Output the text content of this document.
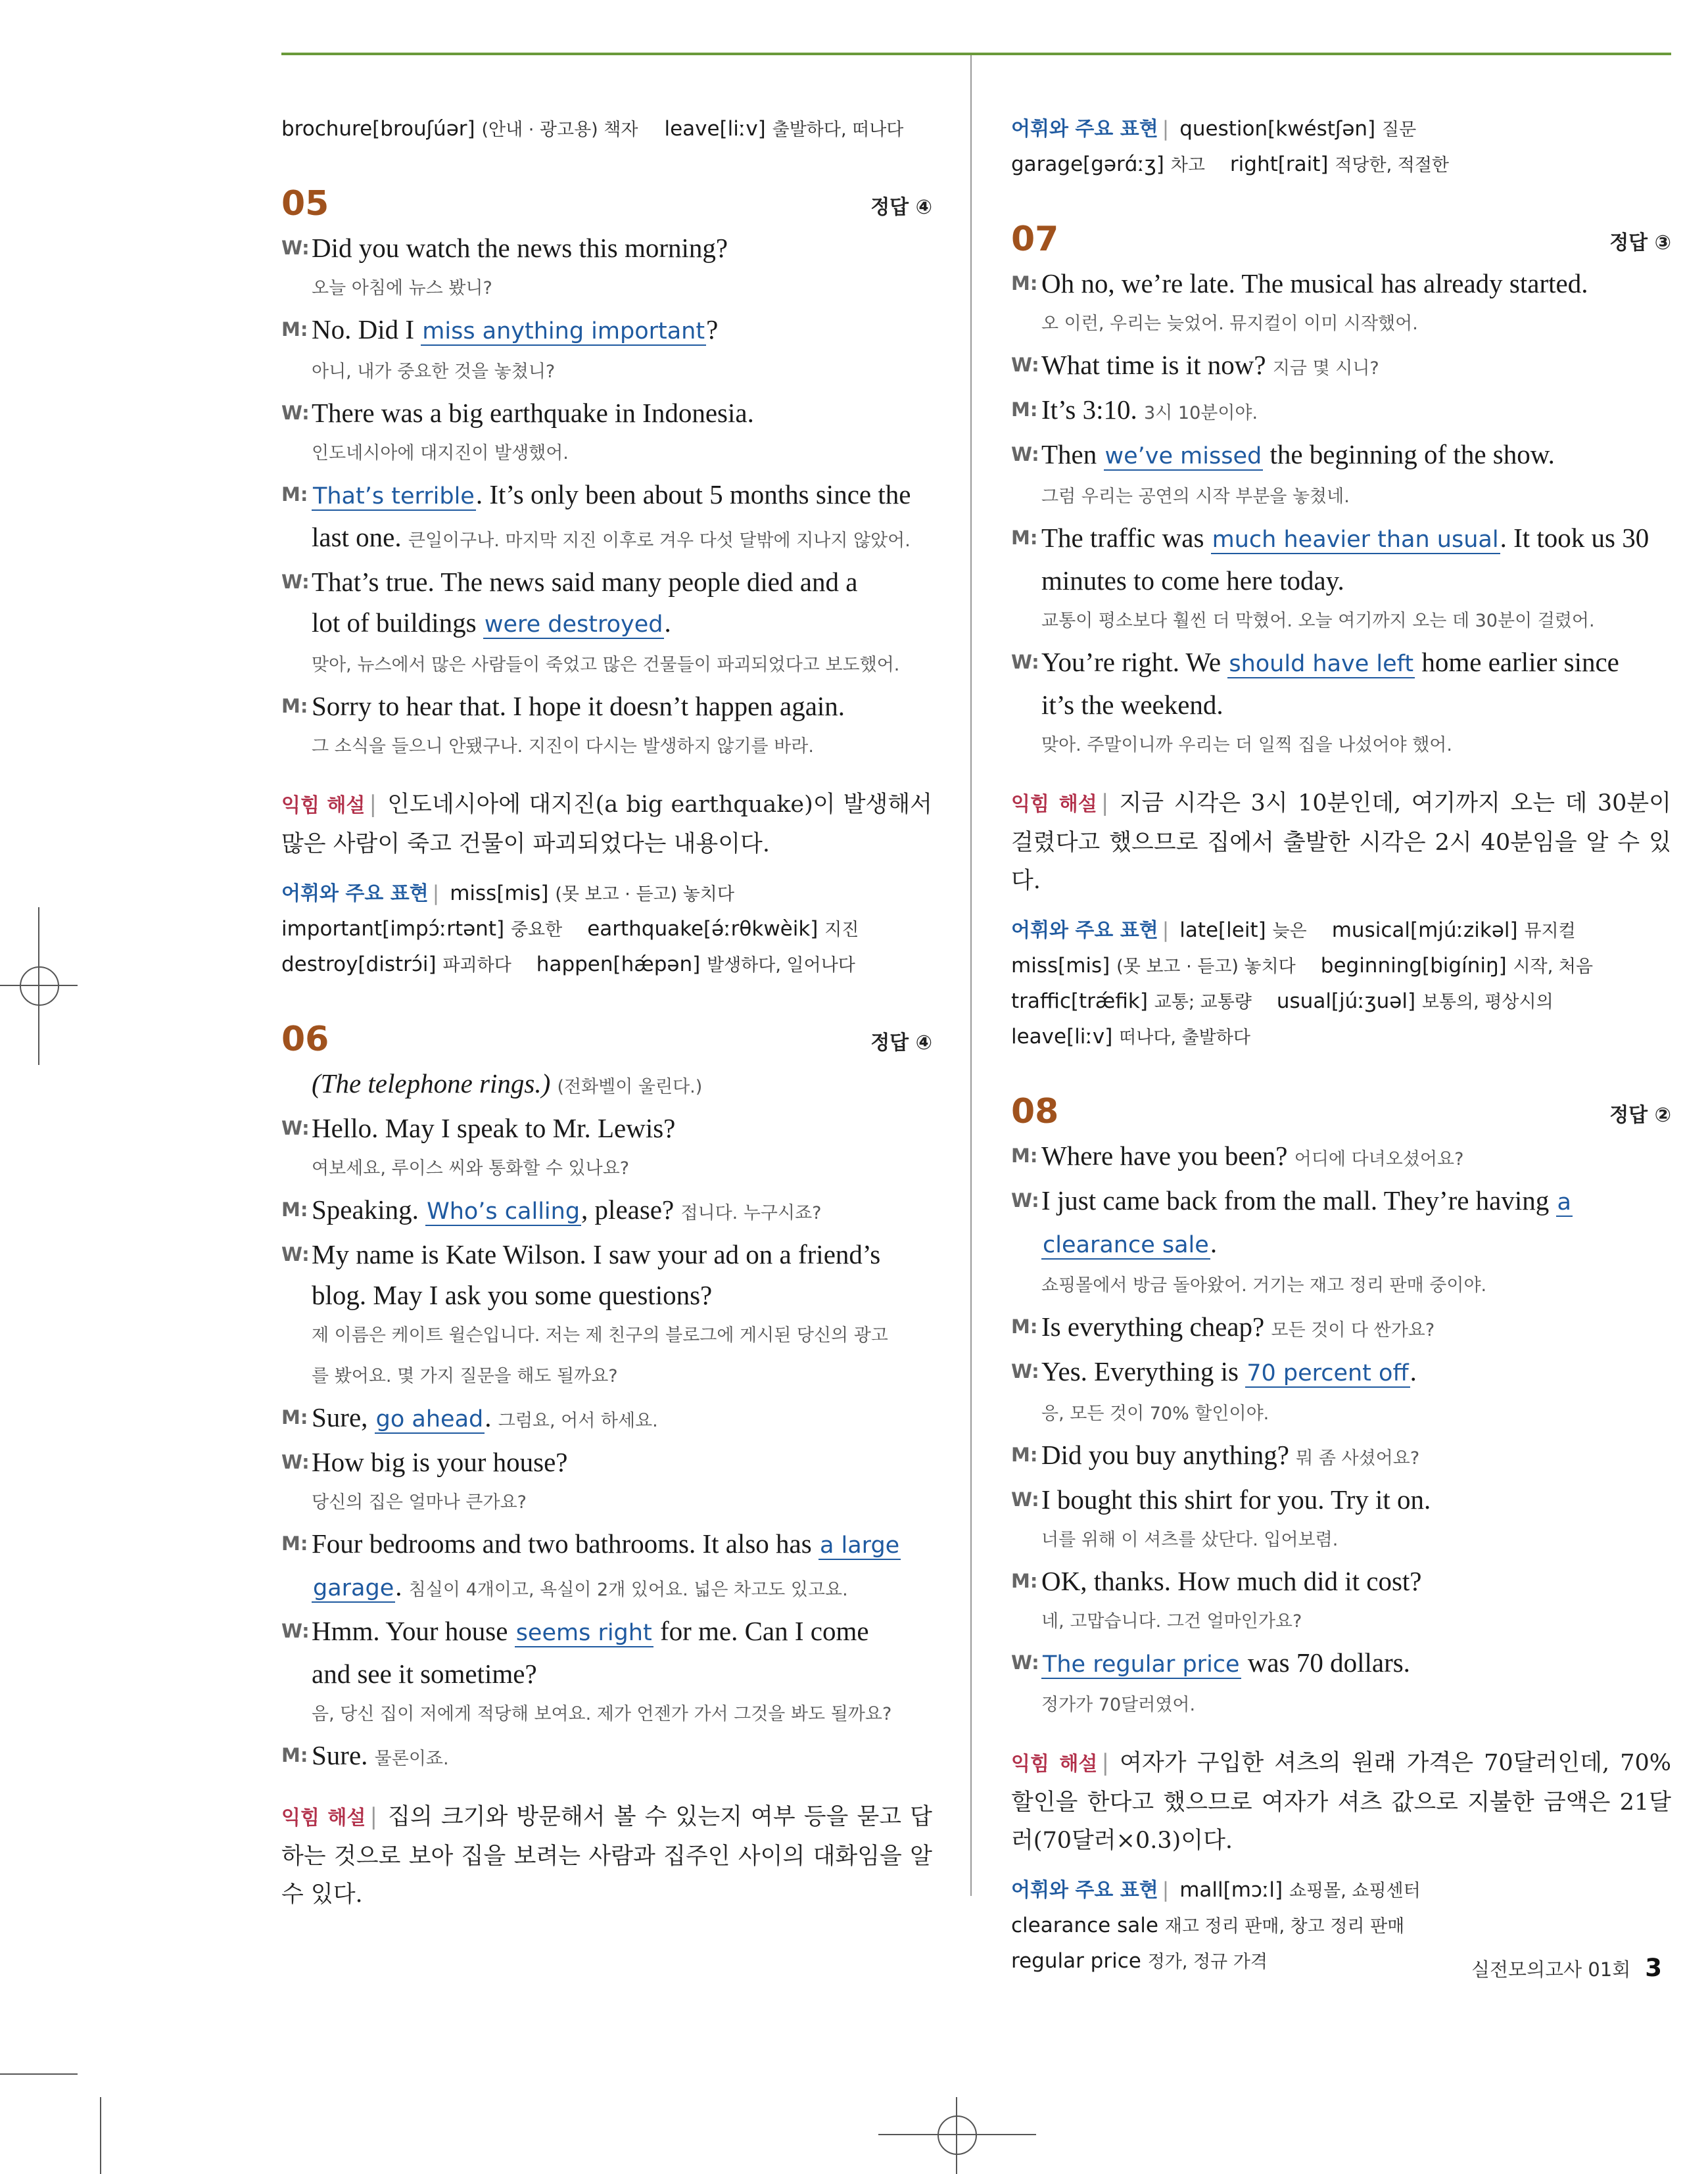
brochure[brouʃúər] (안내 · 광고용) 책자 leave[liːv] 출발하다, 떠나다
05	정답 ④
W: Did you watch the news this morning?
오늘 아침에 뉴스 봤니?
M: No. Did I miss anything important?
아니, 내가 중요한 것을 놓쳤니?
W: There was a big earthquake in Indonesia.
인도네시아에 대지진이 발생했어.
M: That’s terrible. It’s only been about 5 months since the
last one. 큰일이구나. 마지막 지진 이후로 겨우 다섯 달밖에 지나지 않았어.
W: That’s true. The news said many people died and a
lot of buildings were destroyed.
맞아, 뉴스에서 많은 사람들이 죽었고 많은 건물들이 파괴되었다고 보도했어.
M: Sorry to hear that. I hope it doesn’t happen again.
그 소식을 들으니 안됐구나. 지진이 다시는 발생하지 않기를 바라.
익힘 해설 | 인도네시아에 대지진(a big earthquake)이 발생해서 많은 사람이 죽고 건물이 파괴되었다는 내용이다.
어휘와 주요 표현 | miss[mis] (못 보고 · 듣고) 놓치다
important[impɔ́ːrtənt] 중요한 earthquake[ə́ːrθkwèik] 지진
destroy[distrɔ́i] 파괴하다 happen[hǽpən] 발생하다, 일어나다
06	정답 ④
(The telephone rings.) (전화벨이 울린다.)
W: Hello. May I speak to Mr. Lewis?
여보세요, 루이스 씨와 통화할 수 있나요?
M: Speaking. Who’s calling, please? 접니다. 누구시죠?
W: My name is Kate Wilson. I saw your ad on a friend’s
blog. May I ask you some questions?
제 이름은 케이트 윌슨입니다. 저는 제 친구의 블로그에 게시된 당신의 광고
를 봤어요. 몇 가지 질문을 해도 될까요?
M: Sure, go ahead. 그럼요, 어서 하세요.
W: How big is your house?
당신의 집은 얼마나 큰가요?
M: Four bedrooms and two bathrooms. It also has a large
garage. 침실이 4개이고, 욕실이 2개 있어요. 넓은 차고도 있고요.
W: Hmm. Your house seems right for me. Can I come
and see it sometime?
음, 당신 집이 저에게 적당해 보여요. 제가 언젠가 가서 그것을 봐도 될까요?
M: Sure. 물론이죠.
익힘 해설 | 집의 크기와 방문해서 볼 수 있는지 여부 등을 묻고 답하는 것으로 보아 집을 보려는 사람과 집주인 사이의 대화임을 알 수 있다.
어휘와 주요 표현 | question[kwéstʃən] 질문
garage[gərɑ́ːʒ] 차고 right[rait] 적당한, 적절한
07	정답 ③
M: Oh no, we’re late. The musical has already started.
오 이런, 우리는 늦었어. 뮤지컬이 이미 시작했어.
W: What time is it now? 지금 몇 시니?
M: It’s 3:10. 3시 10분이야.
W: Then we’ve missed the beginning of the show.
그럼 우리는 공연의 시작 부분을 놓쳤네.
M: The traffic was much heavier than usual. It took us 30
minutes to come here today.
교통이 평소보다 훨씬 더 막혔어. 오늘 여기까지 오는 데 30분이 걸렸어.
W: You’re right. We should have left home earlier since
it’s the weekend.
맞아. 주말이니까 우리는 더 일찍 집을 나섰어야 했어.
익힘 해설 | 지금 시각은 3시 10분인데, 여기까지 오는 데 30분이 걸렸다고 했으므로 집에서 출발한 시각은 2시 40분임을 알 수 있다.
어휘와 주요 표현 | late[leit] 늦은 musical[mjúːzikəl] 뮤지컬
miss[mis] (못 보고 · 듣고) 놓치다 beginning[bigíniŋ] 시작, 처음
traffic[trǽfik] 교통; 교통량 usual[júːʒuəl] 보통의, 평상시의
leave[liːv] 떠나다, 출발하다
08	정답 ②
M: Where have you been? 어디에 다녀오셨어요?
W: I just came back from the mall. They’re having a
clearance sale.
쇼핑몰에서 방금 돌아왔어. 거기는 재고 정리 판매 중이야.
M: Is everything cheap? 모든 것이 다 싼가요?
W: Yes. Everything is 70 percent off.
응, 모든 것이 70% 할인이야.
M: Did you buy anything? 뭐 좀 사셨어요?
W: I bought this shirt for you. Try it on.
너를 위해 이 셔츠를 샀단다. 입어보렴.
M: OK, thanks. How much did it cost?
네, 고맙습니다. 그건 얼마인가요?
W: The regular price was 70 dollars.
정가가 70달러였어.
익힘 해설 | 여자가 구입한 셔츠의 원래 가격은 70달러인데, 70% 할인을 한다고 했으므로 여자가 셔츠 값으로 지불한 금액은 21달러(70달러×0.3)이다.
어휘와 주요 표현 | mall[mɔːl] 쇼핑몰, 쇼핑센터
clearance sale 재고 정리 판매, 창고 정리 판매
regular price 정가, 정규 가격	실전모의고사 01회 3
